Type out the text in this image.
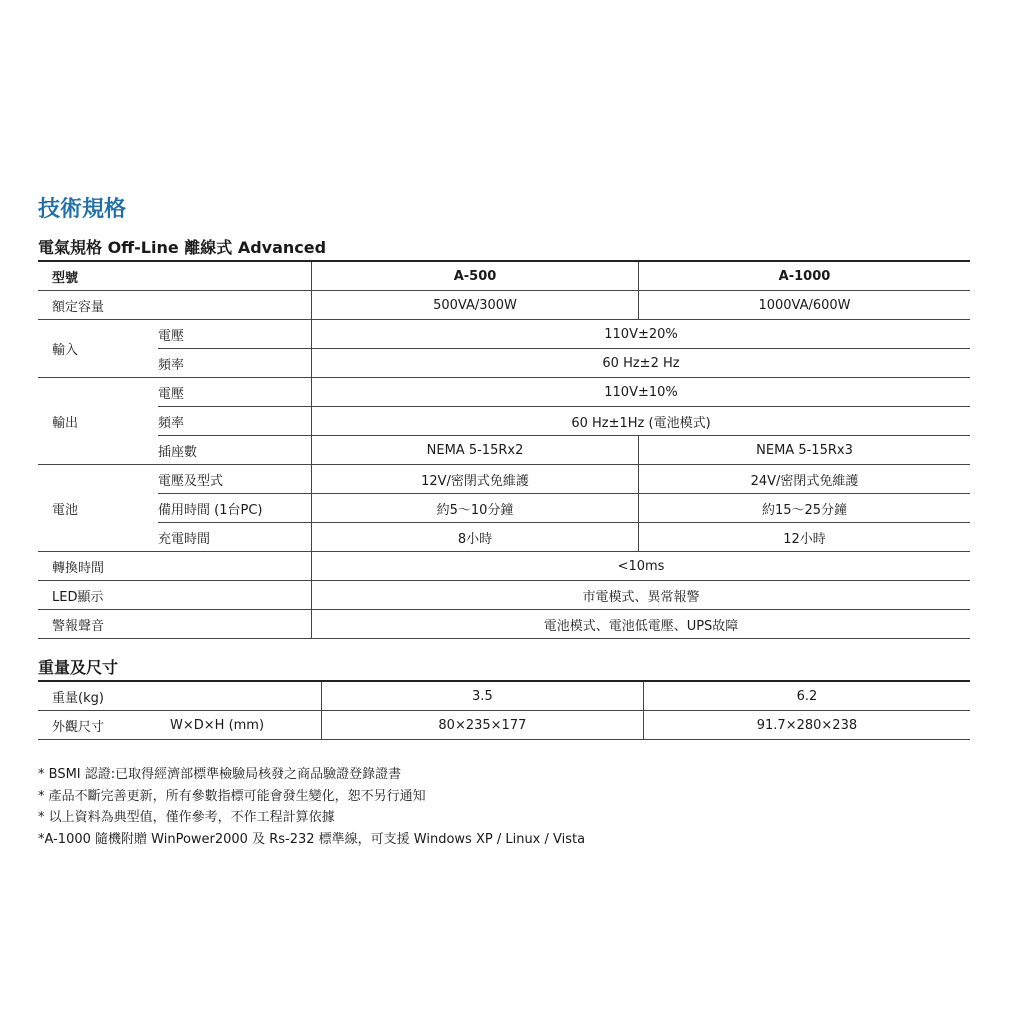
技術規格
電氣規格 Off-Line 離線式 Advanced
型號		A-500	A-1000
額定容量		500VA/300W	1000VA/600W
輸入	電壓	110V±20%	
	頻率	60 Hz±2 Hz	
輸出	電壓	110V±10%	
	頻率	60 Hz±1Hz (電池模式)	
	插座數	NEMA 5-15Rx2	NEMA 5-15Rx3
電池	電壓及型式	12V/密閉式免維護	24V/密閉式免維護
	備用時間 (1台PC)	約5～10分鐘	約15～25分鐘
	充電時間	8小時	12小時
轉換時間		<10ms	
LED顯示		市電模式、異常報警	
警報聲音		電池模式、電池低電壓、UPS故障	
重量及尺寸
重量(kg)		3.5	6.2
外觀尺寸	W×D×H (mm)	80×235×177	91.7×280×238
* BSMI 認證:已取得經濟部標準檢驗局核發之商品驗證登錄證書
* 產品不斷完善更新，所有參數指標可能會發生變化，恕不另行通知
* 以上資料為典型值，僅作參考，不作工程計算依據
*A-1000 隨機附贈 WinPower2000 及 Rs-232 標準線，可支援 Windows XP / Linux / Vista
